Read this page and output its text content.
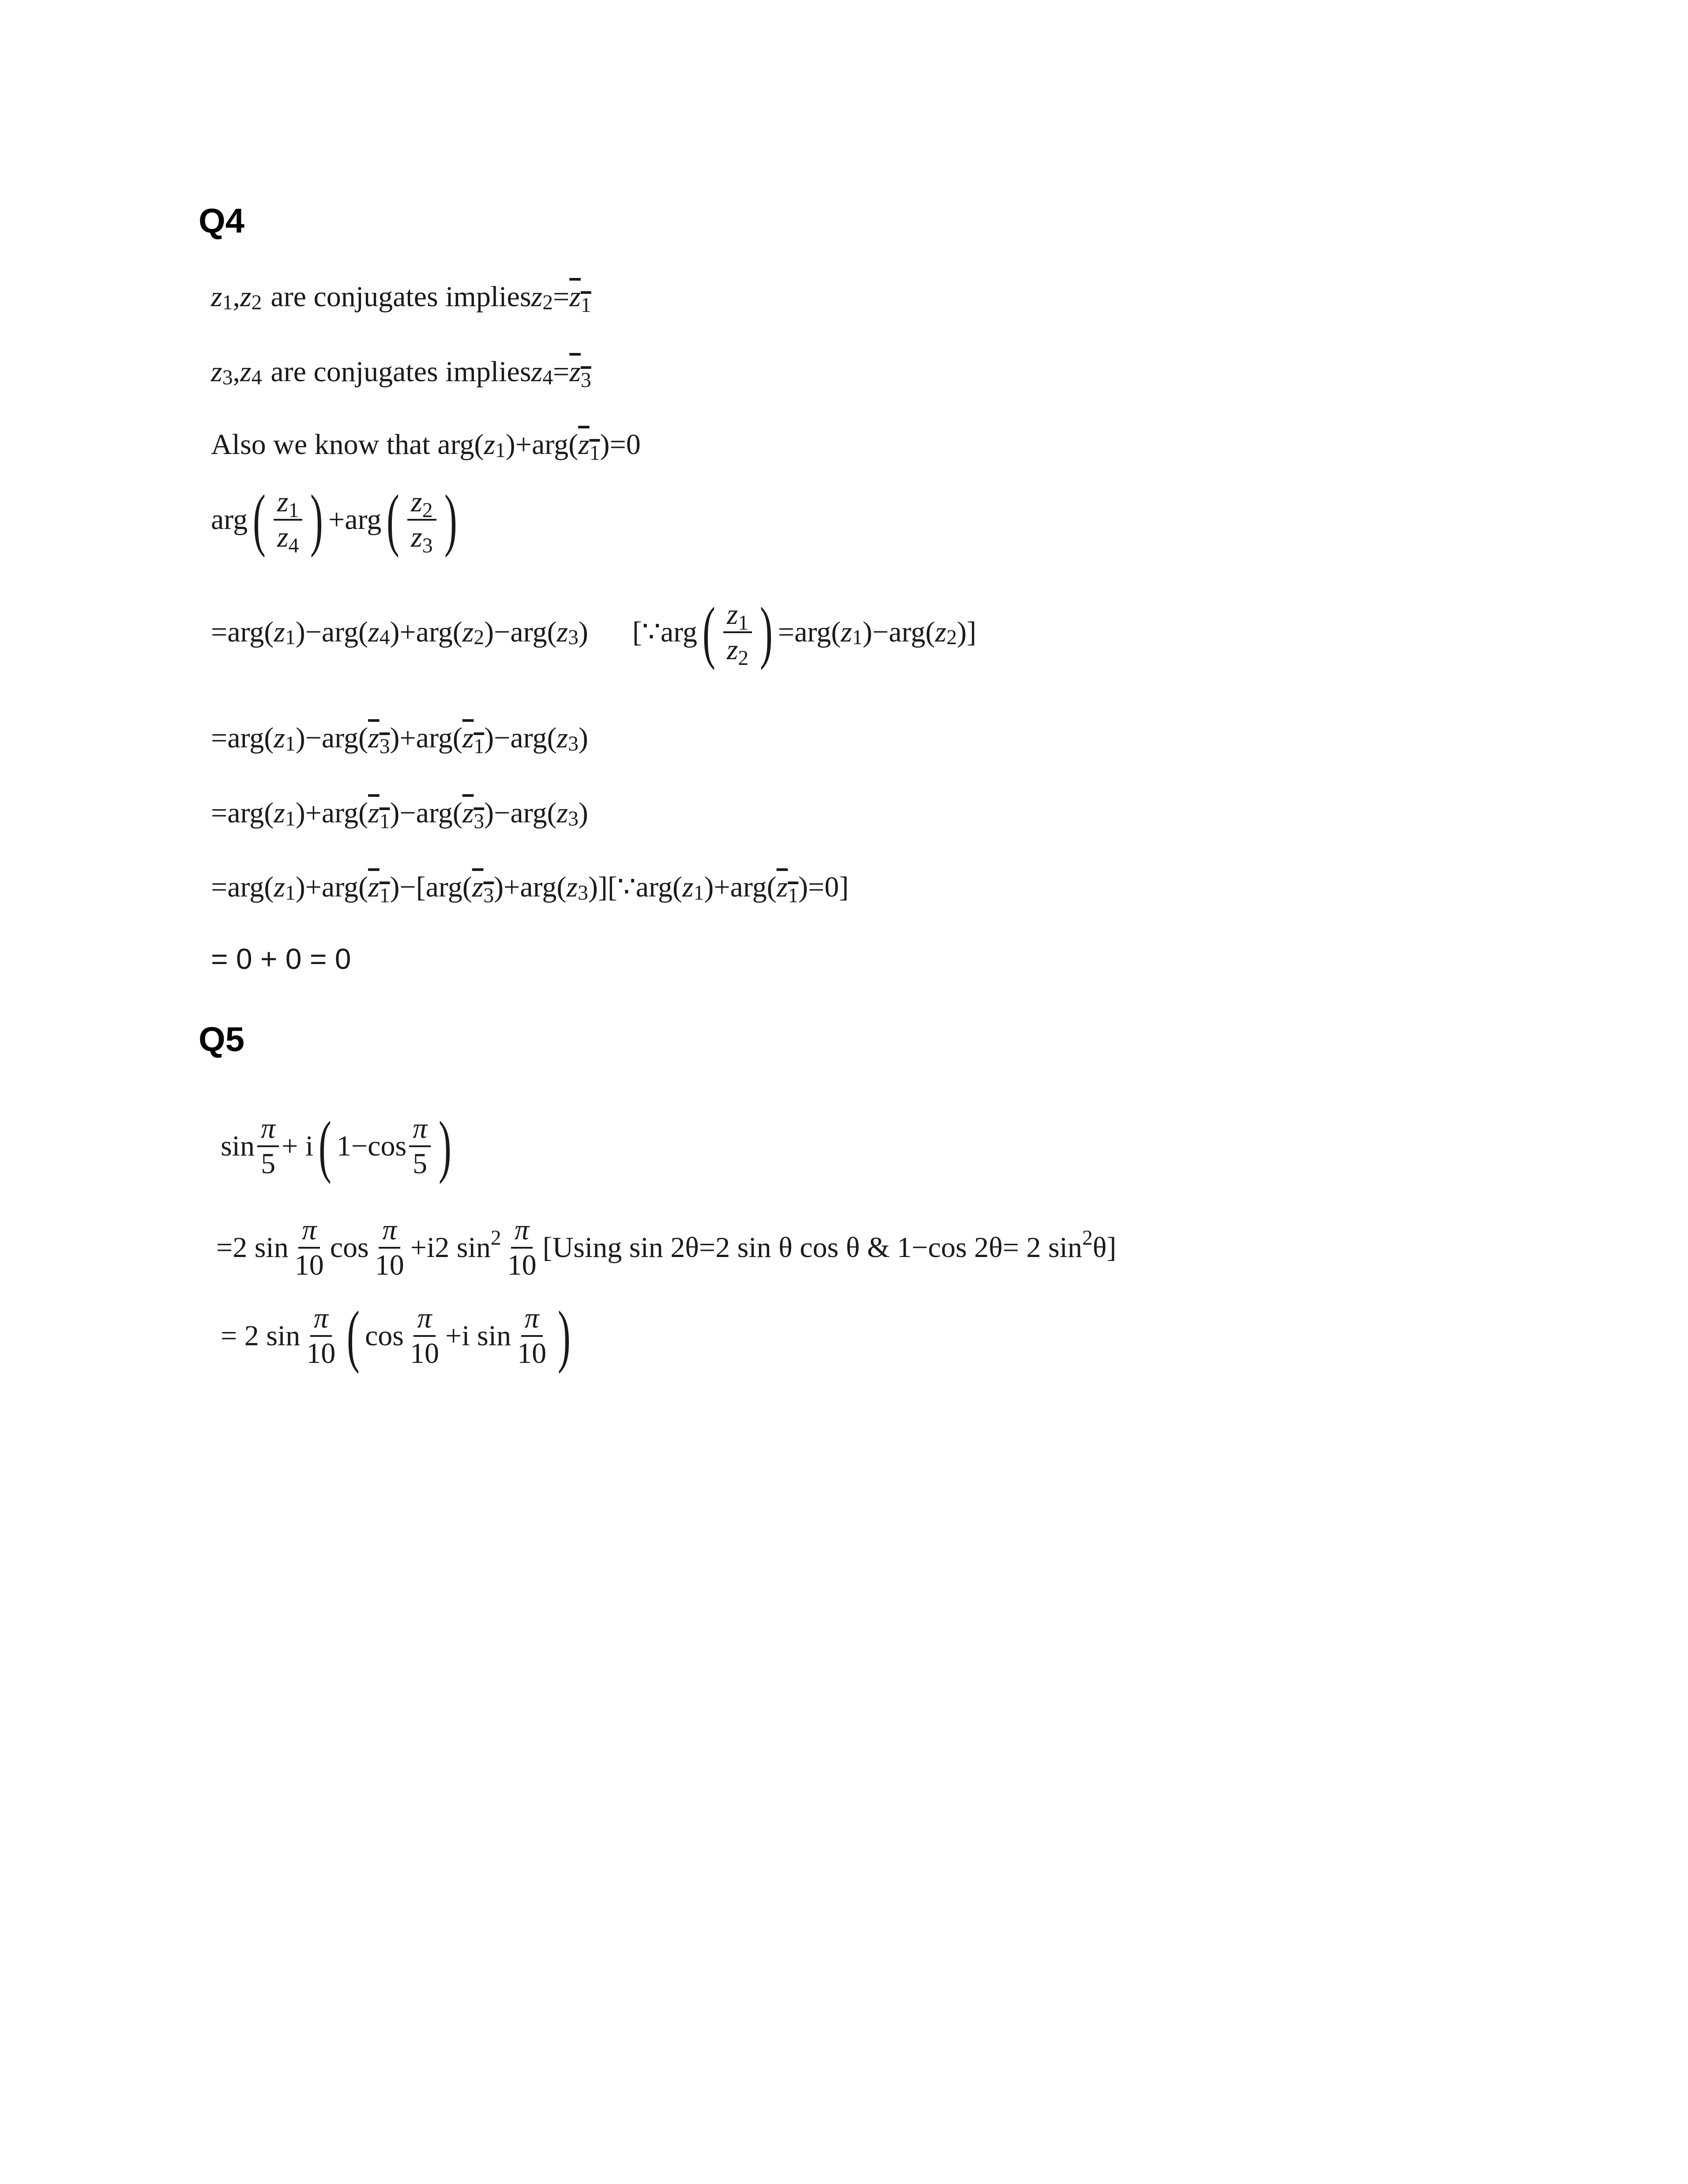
Q4
z 1 , z 2 are conjugates implies z $2 = z_1$
z 3 , z 4 are conjugates implies z $4 = z_3$
Also we know that arg( z 1 )+arg( $z_1$ )=0
arg ( $\frac{z_1}{z_4}$ ) +arg ( $\frac{z_2}{z_3}$ )
=arg( z 1 )−arg( z 4 )+arg( z 2 )−arg( z 3 ) [∵arg ( $\frac{z_1}{z_2}$ ) =arg( z 1 )−arg( z 2 )]
=arg( z 1 )−arg( $z_3$ )+arg( $z_1$ )−arg( z 3 )
=arg( z 1 )+arg( $z_1$ )−arg( $z_3$ )−arg( z 3 )
=arg( z 1 )+arg( $z_1$ )−[ arg( $z_3$ )+arg( z 3 ) ][∵arg( z 1 )+arg( $z_1$ )=0]
= 0 + 0 = 0
Q5
$\sin \frac{\pi}{5} + i$ ( $1-\cos \frac{\pi}{5}$ )
=2 $\sin \frac{\pi}{10}$ $\cos \frac{\pi}{10} +i2$ $\sin 2 \frac{\pi}{10} [Using$ sin 2θ=2 sin θ cos θ & 1−cos 2θ= 2 sin 2 θ]
= 2 $\sin \frac{\pi}{10}$ ( $\cos \frac{\pi}{10} +i$ $\sin \frac{\pi}{10}$ )
